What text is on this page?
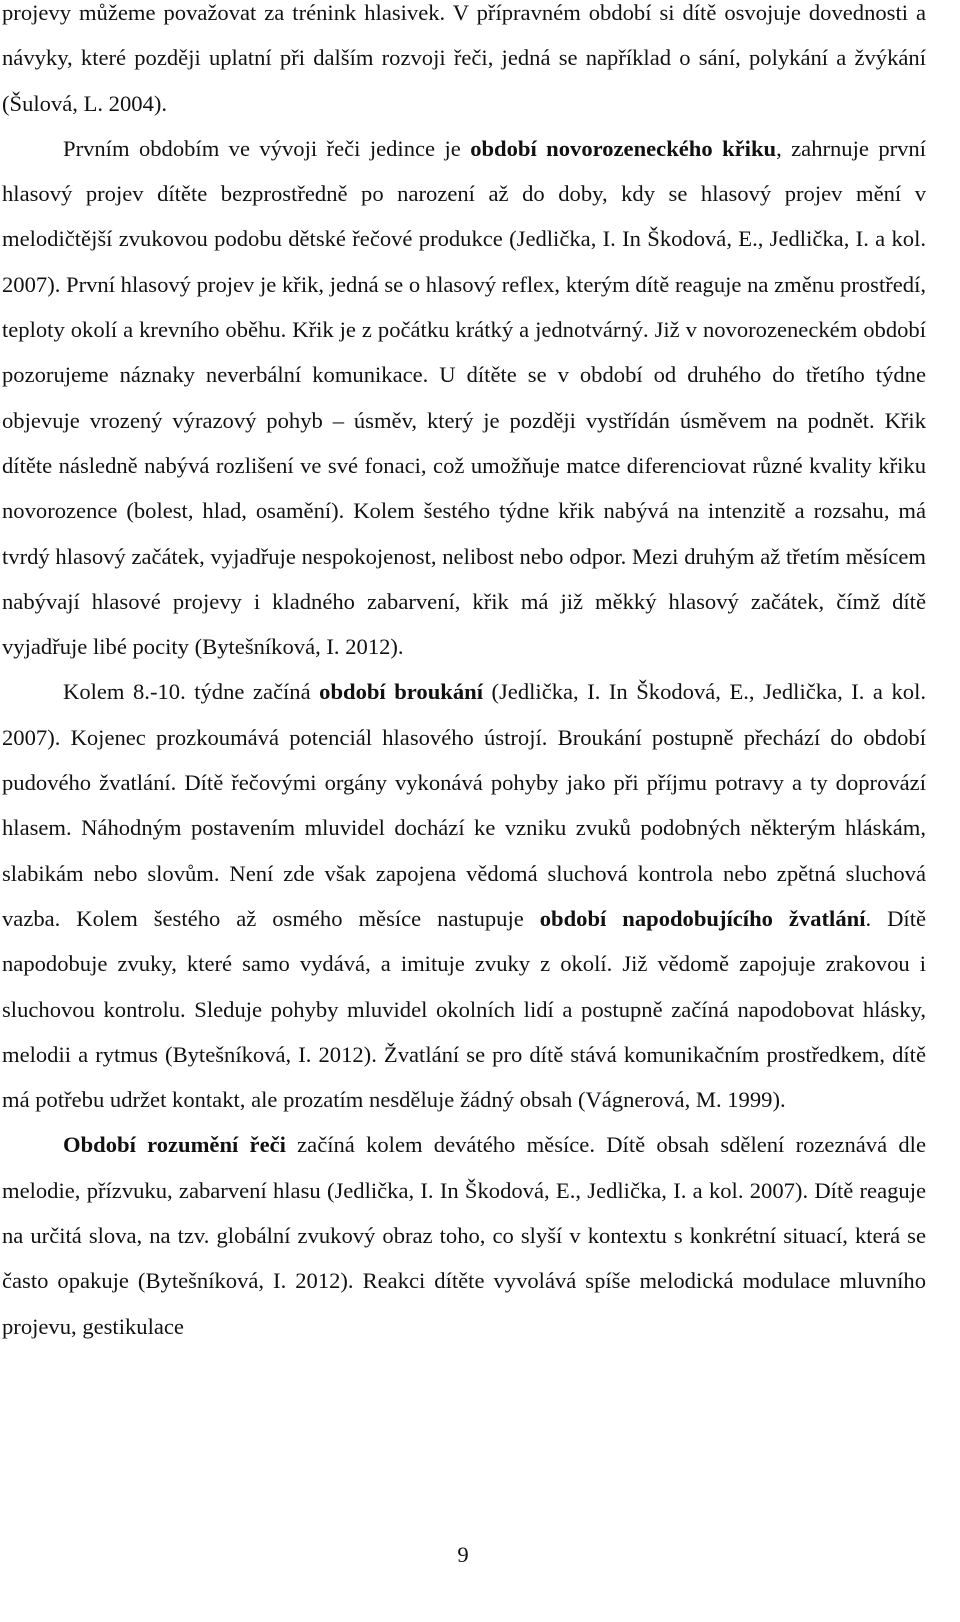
projevy můžeme považovat za trénink hlasivek. V přípravném období si dítě osvojuje dovednosti a návyky, které později uplatní při dalším rozvoji řeči, jedná se například o sání, polykání a žvýkání (Šulová, L. 2004).

Prvním obdobím ve vývoji řeči jedince je období novorozeneckého křiku, zahrnuje první hlasový projev dítěte bezprostředně po narození až do doby, kdy se hlasový projev mění v melodičtější zvukovou podobu dětské řečové produkce (Jedlička, I. In Škodová, E., Jedlička, I. a kol. 2007). První hlasový projev je křik, jedná se o hlasový reflex, kterým dítě reaguje na změnu prostředí, teploty okolí a krevního oběhu. Křik je z počátku krátký a jednotvárný. Již v novorozeneckém období pozorujeme náznaky neverbální komunikace. U dítěte se v období od druhého do třetího týdne objevuje vrozený výrazový pohyb – úsměv, který je později vystřídán úsměvem na podnět. Křik dítěte následně nabývá rozlišení ve své fonaci, což umožňuje matce diferenciovat různé kvality křiku novorozence (bolest, hlad, osamění). Kolem šestého týdne křik nabývá na intenzitě a rozsahu, má tvrdý hlasový začátek, vyjadřuje nespokojenost, nelibost nebo odpor. Mezi druhým až třetím měsícem nabývají hlasové projevy i kladného zabarvení, křik má již měkký hlasový začátek, čímž dítě vyjadřuje libé pocity (Bytešníková, I. 2012).

Kolem 8.-10. týdne začíná období broukání (Jedlička, I. In Škodová, E., Jedlička, I. a kol. 2007). Kojenec prozkoumává potenciál hlasového ústrojí. Broukání postupně přechází do období pudového žvatlání. Dítě řečovými orgány vykonává pohyby jako při příjmu potravy a ty doprovází hlasem. Náhodným postavením mluvidel dochází ke vzniku zvuků podobných některým hláskám, slabikám nebo slovům. Není zde však zapojena vědomá sluchová kontrola nebo zpětná sluchová vazba. Kolem šestého až osmého měsíce nastupuje období napodobujícího žvatlání. Dítě napodobuje zvuky, které samo vydává, a imituje zvuky z okolí. Již vědomě zapojuje zrakovou i sluchovou kontrolu. Sleduje pohyby mluvidel okolních lidí a postupně začíná napodobovat hlásky, melodii a rytmus (Bytešníková, I. 2012). Žvatlání se pro dítě stává komunikačním prostředkem, dítě má potřebu udržet kontakt, ale prozatím nesděluje žádný obsah (Vágnerová, M. 1999).

Období rozumění řeči začíná kolem devátého měsíce. Dítě obsah sdělení rozeznává dle melodie, přízvuku, zabarvení hlasu (Jedlička, I. In Škodová, E., Jedlička, I. a kol. 2007). Dítě reaguje na určitá slova, na tzv. globální zvukový obraz toho, co slyší v kontextu s konkrétní situací, která se často opakuje (Bytešníková, I. 2012). Reakci dítěte vyvolává spíše melodická modulace mluvního projevu, gestikulace

9
